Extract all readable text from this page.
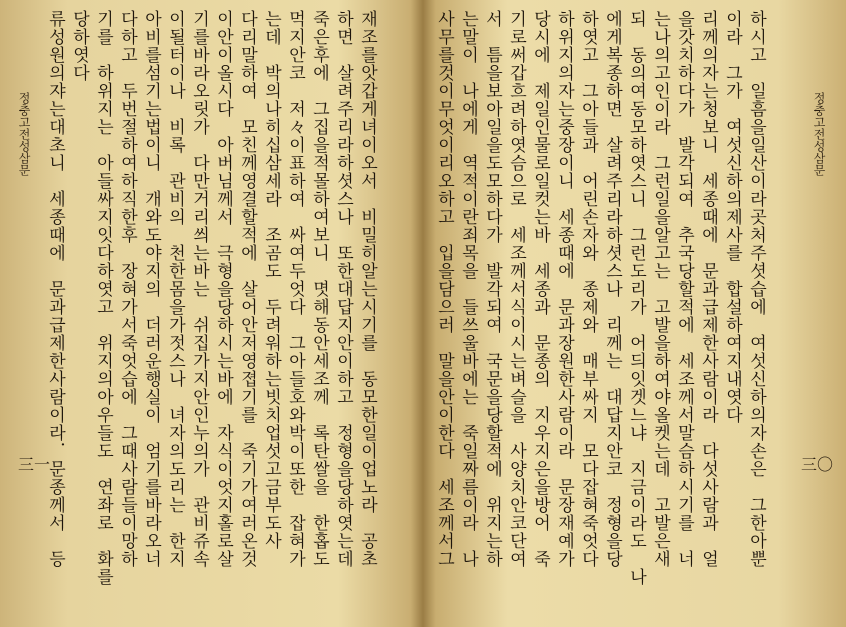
정충고전성삼문
三一
류성원의쟈는대초니　세종때에　문과급제한사람이라．문종께서　등 당하엿다 기를　하위지는　아들싸지잇다하엿고　위지의아우들도　연좌로　화를 다하고　두번절하여하직한후　장혀가서죽엇습에　그때사람들이망하 아비를섬기는법이니　개와도야지의　더러운행실이　엄기를바라오너 이될터이나　비록　관비의　천한몸을가젓스나　녀자의도리는　한지 기를바라오릿가　다만거리씌는바는　쉬집가지안인누의가　관비쥬속 이안이올시다　아버님께서　극형을당하시는바에　자식이엇지홀로살 다리말하여　모친께영결할적에　살어안저영졉기를　죽기가여러온것 는데　박의나히십삼세라　조곰도　두려워하는빗치업섯고금부도사 먹지안코　저々이표하여　싸여두엇다　그아들호와박이또한　잡혀가 죽은후에　그집을적몰하여보니　몃해동안세조께　록탄쌀을　한홉도 하면　살려주리라하셧스나　또한대답지안이하고　정형을당하엿는데 재조를앗갑게녀이오서　비밀히알는시기를　동모한일이업노라　공초	사무를것이무엇이리오하고　입을담으러　말을안이한다　세조께서그 는말이　나에게　역적이란죄목을　들쓰울바에는　죽일짜름이라　나 서　틈을보아일을도모하다가　발각되여　국문을당할적에　위지는하 기로써갑흐려하엿슴으로　세조께서식이시는벼슬을　사양치안코단여 당시에　제일인물로일컷는바　세종과　문종의　지우지은을방어　죽 하위지의자는중장이니　세종때에　문과장원한사람이라　문장재예가 하엿고　그아들과　어린손자와　종제와　매부싸지　모다잡혀죽엇다 에게복종하면　살려주리라하셧스나　리께는　대답지안코　정형을당 되　동의여동모하엿스니　그런도리가　어듸잇겟느냐　지금이라도　나 는나의고인이라　그런일을알고는　고발을하여야올켓는데　고발은새 을갓치하다가　발각되여　추국당할적에　세조께서말슴하시기를　너 리께의자는청보니　세종때에　문과급제한사람이라　다섯사람과　얼 이라　그가　여섯신하의제사를　합설하여지내엿다 하시고　일흠을일산이라곳처주셧습에　여섯신하의자손은　그한아뿐	정충고전성삼문
三〇
